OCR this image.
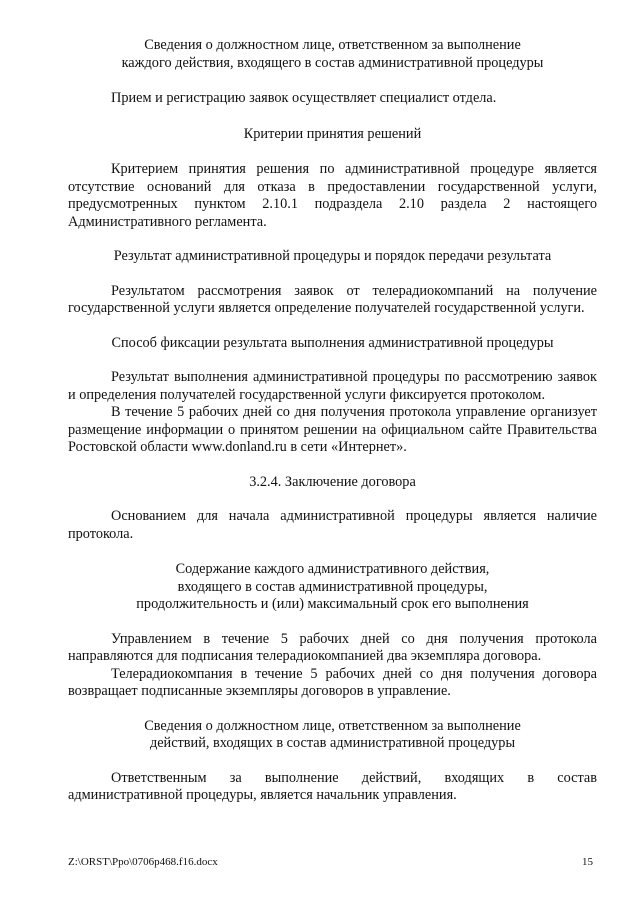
Сведения о должностном лице, ответственном за выполнение

каждого действия, входящего в состав административной процедуры

Прием и регистрацию заявок осуществляет специалист отдела.

Критерии принятия решений

Критерием принятия решения по административной процедуре является отсутствие оснований для отказа в предоставлении государственной услуги, предусмотренных пунктом 2.10.1 подраздела 2.10 раздела 2 настоящего Административного регламента.

Результат административной процедуры и порядок передачи результата

Результатом рассмотрения заявок от телерадиокомпаний на получение государственной услуги является определение получателей государственной услуги.

Способ фиксации результата выполнения административной процедуры

Результат выполнения административной процедуры по рассмотрению заявок и определения получателей государственной услуги фиксируется протоколом.

В течение 5 рабочих дней со дня получения протокола управление организует размещение информации о принятом решении на официальном сайте Правительства Ростовской области www.donland.ru в сети «Интернет».

3.2.4. Заключение договора

Основанием для начала административной процедуры является наличие протокола.

Содержание каждого административного действия,

входящего в состав административной процедуры,

продолжительность и (или) максимальный срок его выполнения

Управлением в течение 5 рабочих дней со дня получения протокола направляются для подписания телерадиокомпанией два экземпляра договора.

Телерадиокомпания в течение 5 рабочих дней со дня получения договора возвращает подписанные экземпляры договоров в управление.

Сведения о должностном лице, ответственном за выполнение

действий, входящих в состав административной процедуры

Ответственным за выполнение действий, входящих в состав административной процедуры, является начальник управления.

Z:\ORST\Ppo\0706p468.f16.docx	15
